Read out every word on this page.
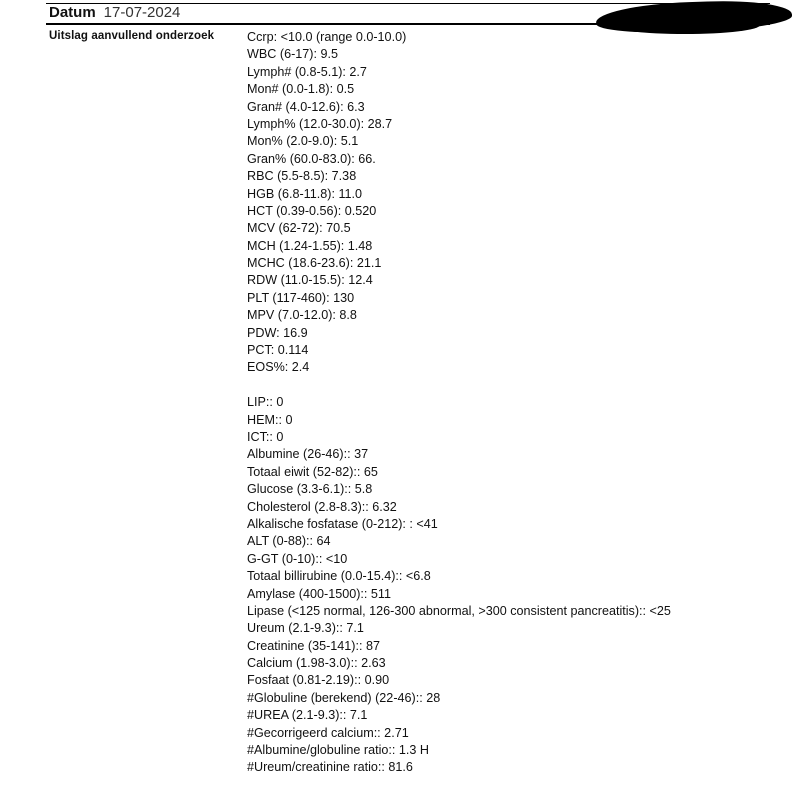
Datum 17-07-2024
Uitslag aanvullend onderzoek	Ccrp: <10.0 (range 0.0-10.0)
WBC (6-17): 9.5
Lymph# (0.8-5.1): 2.7
Mon# (0.0-1.8): 0.5
Gran# (4.0-12.6): 6.3
Lymph% (12.0-30.0): 28.7
Mon% (2.0-9.0): 5.1
Gran% (60.0-83.0): 66.
RBC (5.5-8.5): 7.38
HGB (6.8-11.8): 11.0
HCT (0.39-0.56): 0.520
MCV (62-72): 70.5
MCH (1.24-1.55): 1.48
MCHC (18.6-23.6): 21.1
RDW (11.0-15.5): 12.4
PLT (117-460): 130
MPV (7.0-12.0): 8.8
PDW: 16.9
PCT: 0.114
EOS%: 2.4
LIP:: 0
HEM:: 0
ICT:: 0
Albumine (26-46):: 37
Totaal eiwit (52-82):: 65
Glucose (3.3-6.1):: 5.8
Cholesterol (2.8-8.3):: 6.32
Alkalische fosfatase (0-212): : <41
ALT (0-88):: 64
G-GT (0-10):: <10
Totaal billirubine (0.0-15.4):: <6.8
Amylase (400-1500):: 511
Lipase (<125 normal, 126-300 abnormal, >300 consistent pancreatitis):: <25
Ureum (2.1-9.3):: 7.1
Creatinine (35-141):: 87
Calcium (1.98-3.0):: 2.63
Fosfaat (0.81-2.19):: 0.90
#Globuline (berekend) (22-46):: 28
#UREA (2.1-9.3):: 7.1
#Gecorrigeerd calcium:: 2.71
#Albumine/globuline ratio:: 1.3 H
#Ureum/creatinine ratio:: 81.6
